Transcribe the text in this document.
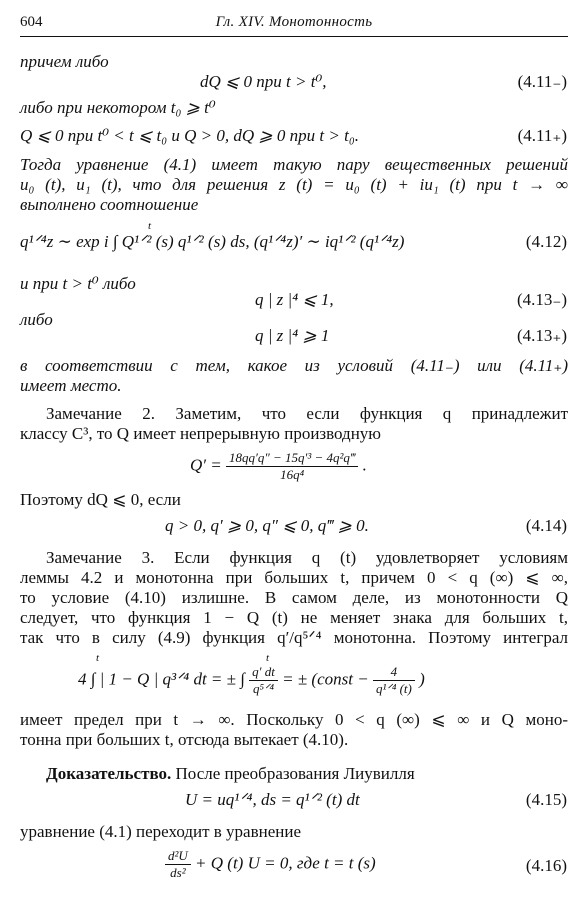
604	Гл. XIV. Монотонность
причем либо
dQ ⩽ 0 при t > t⁰,	(4.11₋)
либо при некотором t₀ ⩾ t⁰
Q ⩽ 0 при t⁰ < t ⩽ t₀ и Q > 0, dQ ⩾ 0 при t > t₀.	(4.11₊)
Тогда уравнение (4.1) имеет такую пару вещественных решений
u₀ (t), u₁ (t), что для решения z (t) = u₀ (t) + iu₁ (t) при t → ∞
выполнено соотношение
q¹ᐟ⁴z ∼ exp i ∫ Q¹ᐟ² (s) q¹ᐟ² (s) ds, (q¹ᐟ⁴z)′ ∼ iq¹ᐟ² (q¹ᐟ⁴z)
t
(4.12)
и при t > t⁰ либо
q | z |⁴ ⩽ 1,	(4.13₋)
либо
q | z |⁴ ⩾ 1	(4.13₊)
в соответствии с тем, какое из условий (4.11₋) или (4.11₊)
имеет место.
Замечание 2. Заметим, что если функция q принадлежит
классу C³, то Q имеет непрерывную производную
$Q' = \frac{\text{18qq′q″ − 15q′³ − 4q²q‴}}{\text{16q⁴}}$ .
Поэтому dQ ⩽ 0, если
q > 0, q′ ⩾ 0, q″ ⩽ 0, q‴ ⩾ 0.	(4.14)
Замечание 3. Если функция q (t) удовлетворяет условиям
леммы 4.2 и монотонна при больших t, причем 0 < q (∞) ⩽ ∞,
то условие (4.10) излишне. В самом деле, из монотонности Q
следует, что функция 1 − Q (t) не меняет знака для больших t,
так что в силу (4.9) функция q′/q⁵ᐟ⁴ монотонна. Поэтому интеграл
4 ∫ | 1 − Q | q³ᐟ⁴ dt = ± ∫ $\frac{q' dt}{\text{q⁵ᐟ⁴}}$ = ± (const − $\frac{4}{\text{q¹ᐟ⁴ (t)}}$ )
t	t
имеет предел при t → ∞. Поскольку 0 < q (∞) ⩽ ∞ и Q моно-
тонна при больших t, отсюда вытекает (4.10).
Доказательство. После преобразования Лиувилля
U = uq¹ᐟ⁴, ds = q¹ᐟ² (t) dt	(4.15)
уравнение (4.1) переходит в уравнение
$\frac{\text{d²U}}{\text{ds²}} + Q$ (t) U = 0, где t = t (s)	(4.16)
